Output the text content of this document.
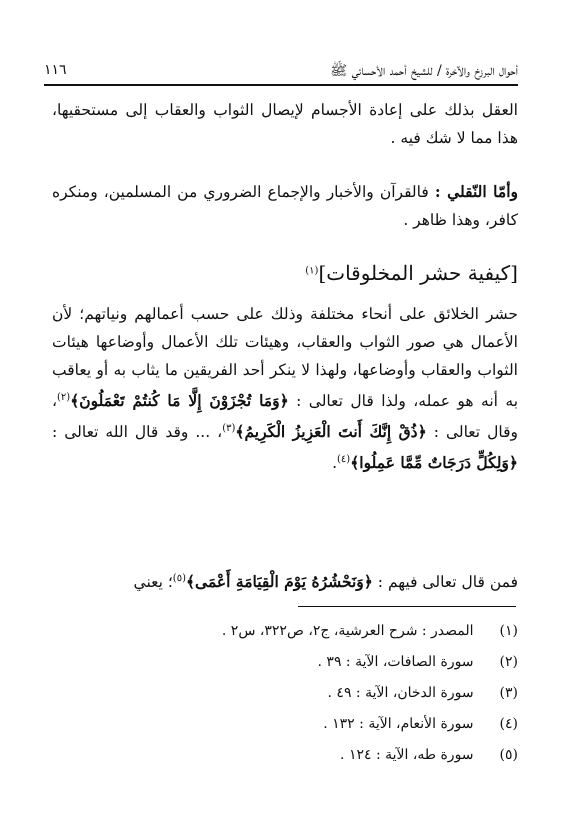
أحوال البرزخ والآخرة / للشيخ أحمد الأحسائي ﷺ
١١٦
العقل بذلك على إعادة الأجسام لإيصال الثواب والعقاب إلى مستحقيها، هذا مما لا شك فيه .
وأمّا النّقلي : فالقرآن والأخبار والإجماع الضروري من المسلمين، ومنكره كافر، وهذا ظاهر .
[كيفية حشر المخلوقات]$^{(١)}$
حشر الخلائق على أنحاء مختلفة وذلك على حسب أعمالهم ونياتهم؛ لأن الأعمال هي صور الثواب والعقاب، وهيئات تلك الأعمال وأوضاعها هيئات الثواب والعقاب وأوضاعها، ولهذا لا ينكر أحد الفريقين ما يثاب به أو يعاقب به أنه هو عمله، ولذا قال تعالى : ﴿وَمَا تُجْزَوْنَ إِلَّا مَا كُنتُمْ تَعْمَلُونَ﴾$^{(٢)}$، وقال تعالى : ﴿ذُقْ إِنَّكَ أَنتَ الْعَزِيزُ الْكَرِيمُ﴾$^{(٣)}$، ... وقد قال الله تعالى : ﴿وَلِكُلٍّ دَرَجَاتٌ مِّمَّا عَمِلُوا﴾$^{(٤)}$.
فمن قال تعالى فيهم : ﴿وَنَحْشُرُهُ يَوْمَ الْقِيَامَةِ أَعْمَى﴾$^{(٥)}$؛ يعني
(١) المصدر : شرح العرشية، ج٢، ص٣٢٢، س٢ .
(٢) سورة الصافات، الآية : ٣٩ .
(٣) سورة الدخان، الآية : ٤٩ .
(٤) سورة الأنعام، الآية : ١٣٢ .
(٥) سورة طه، الآية : ١٢٤ .
